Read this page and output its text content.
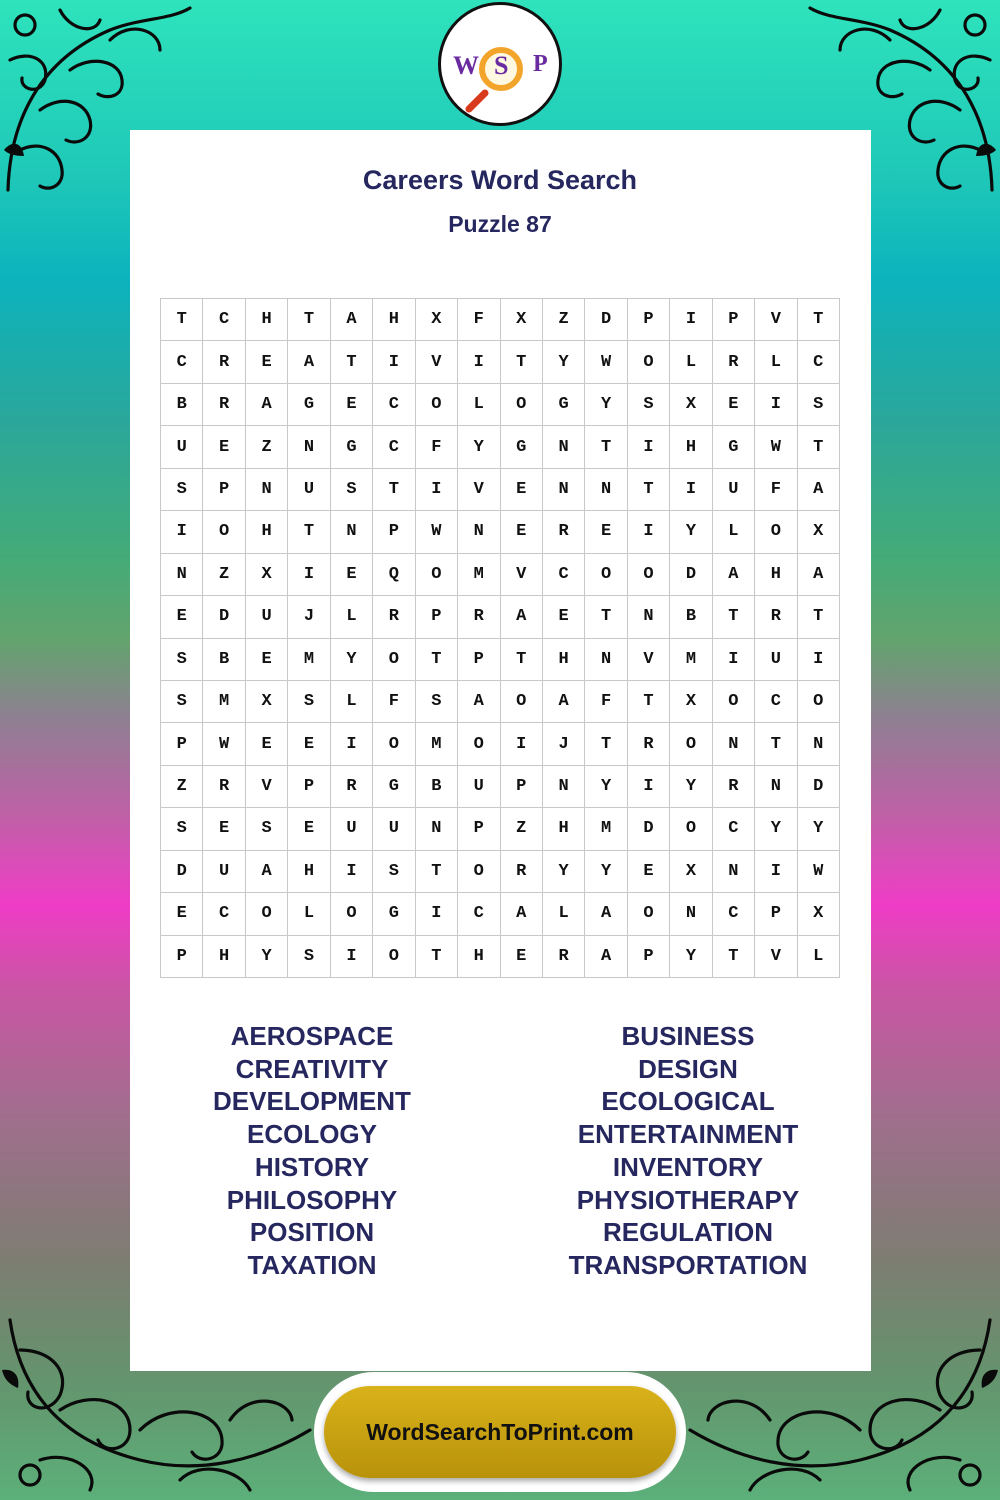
W S P
Careers Word Search
Puzzle 87
T	C	H	T	A	H	X	F	X	Z	D	P	I	P	V	T
C	R	E	A	T	I	V	I	T	Y	W	O	L	R	L	C
B	R	A	G	E	C	O	L	O	G	Y	S	X	E	I	S
U	E	Z	N	G	C	F	Y	G	N	T	I	H	G	W	T
S	P	N	U	S	T	I	V	E	N	N	T	I	U	F	A
I	O	H	T	N	P	W	N	E	R	E	I	Y	L	O	X
N	Z	X	I	E	Q	O	M	V	C	O	O	D	A	H	A
E	D	U	J	L	R	P	R	A	E	T	N	B	T	R	T
S	B	E	M	Y	O	T	P	T	H	N	V	M	I	U	I
S	M	X	S	L	F	S	A	O	A	F	T	X	O	C	O
P	W	E	E	I	O	M	O	I	J	T	R	O	N	T	N
Z	R	V	P	R	G	B	U	P	N	Y	I	Y	R	N	D
S	E	S	E	U	U	N	P	Z	H	M	D	O	C	Y	Y
D	U	A	H	I	S	T	O	R	Y	Y	E	X	N	I	W
E	C	O	L	O	G	I	C	A	L	A	O	N	C	P	X
P	H	Y	S	I	O	T	H	E	R	A	P	Y	T	V	L
AEROSPACE
CREATIVITY
DEVELOPMENT
ECOLOGY
HISTORY
PHILOSOPHY
POSITION
TAXATION
BUSINESS
DESIGN
ECOLOGICAL
ENTERTAINMENT
INVENTORY
PHYSIOTHERAPY
REGULATION
TRANSPORTATION
WordSearchToPrint.com
